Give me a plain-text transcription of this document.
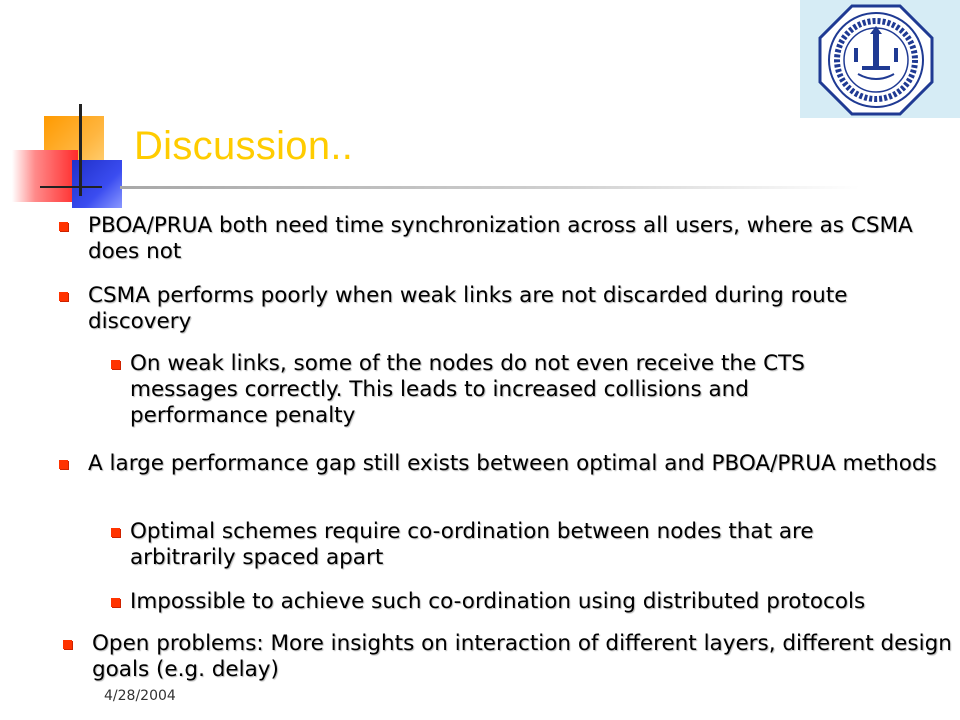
Discussion..
PBOA/PRUA both need time synchronization across all users, where as CSMA does not
CSMA performs poorly when weak links are not discarded during route discovery
On weak links, some of the nodes do not even receive the CTS messages correctly. This leads to increased collisions and performance penalty
A large performance gap still exists between optimal and PBOA/PRUA methods
Optimal schemes require co-ordination between nodes that are arbitrarily spaced apart
Impossible to achieve such co-ordination using distributed protocols
Open problems: More insights on interaction of different layers, different design goals (e.g. delay)
4/28/2004
